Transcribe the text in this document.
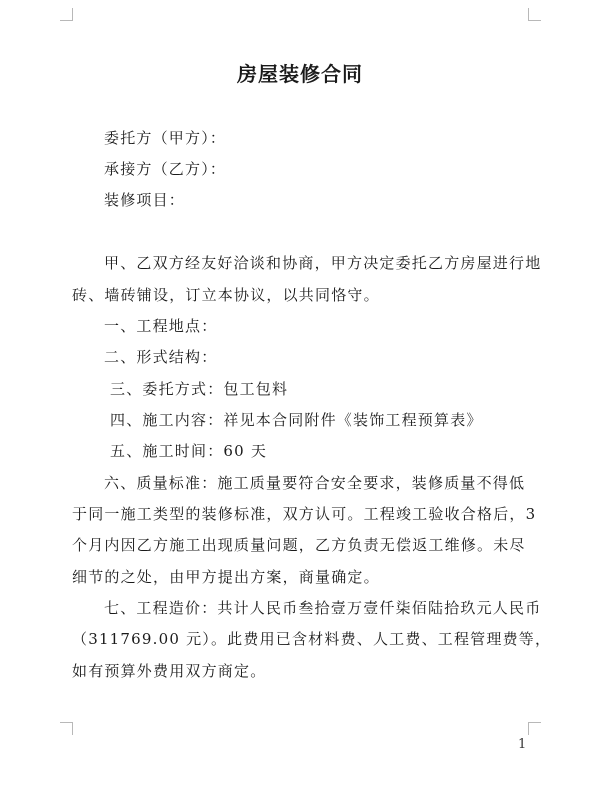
房屋装修合同
委托方（甲方）：
承接方（乙方）：
装修项目：
甲、乙双方经友好洽谈和协商，甲方决定委托乙方房屋进行地
砖、墙砖铺设，订立本协议，以共同恪守。
一、工程地点：
二、形式结构：
三、委托方式：包工包料
四、施工内容：祥见本合同附件《装饰工程预算表》
五、施工时间：60 天
六、质量标准：施工质量要符合安全要求，装修质量不得低
于同一施工类型的装修标准，双方认可。工程竣工验收合格后，3
个月内因乙方施工出现质量问题，乙方负责无偿返工维修。未尽
细节的之处，由甲方提出方案，商量确定。
七、工程造价：共计人民币叁拾壹万壹仟柒佰陆拾玖元人民币
（311769.00 元）。此费用已含材料费、人工费、工程管理费等，
如有预算外费用双方商定。
1
